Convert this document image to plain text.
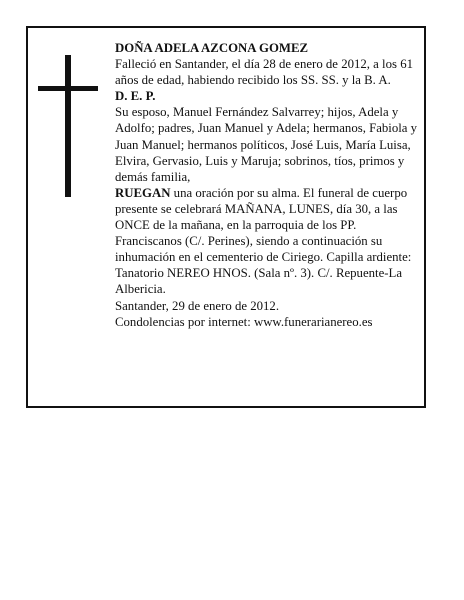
DOÑA ADELA AZCONA GOMEZ

Falleció en Santander, el día 28 de enero de 2012, a los 61 años de edad, habiendo recibido los SS. SS. y la B. A.

D. E. P.

Su esposo, Manuel Fernández Salvarrey; hijos, Adela y Adolfo; padres, Juan Manuel y Adela; hermanos, Fabiola y Juan Manuel; hermanos políticos, José Luis, María Luisa, Elvira, Gervasio, Luis y Maruja; sobrinos, tíos, primos y demás familia,

RUEGAN una oración por su alma. El funeral de cuerpo presente se celebrará MAÑANA, LUNES, día 30, a las ONCE de la mañana, en la parroquia de los PP. Franciscanos (C/. Perines), siendo a continuación su inhumación en el cementerio de Ciriego. Capilla ardiente: Tanatorio NEREO HNOS. (Sala nº. 3). C/. Repuente-La Albericia.

Santander, 29 de enero de 2012.

Condolencias por internet: www.funerarianereo.es
